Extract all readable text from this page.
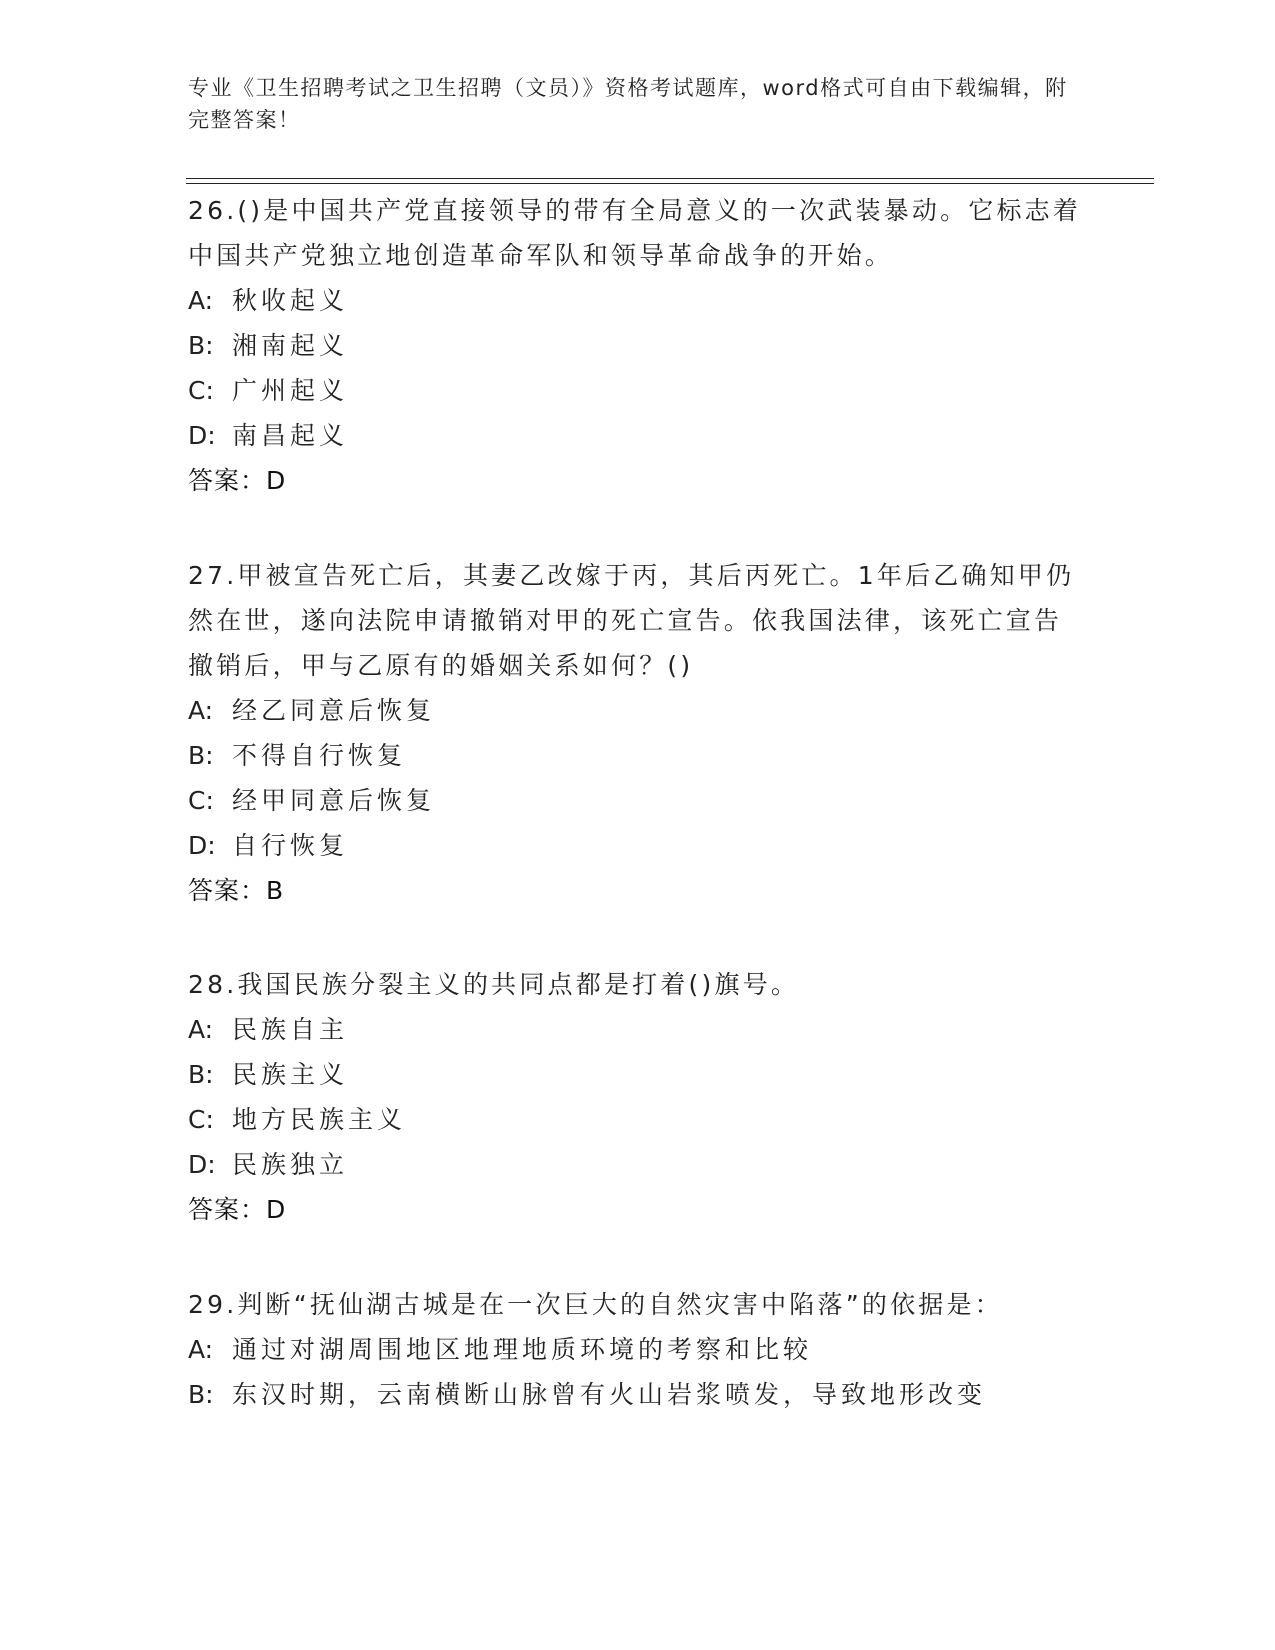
专业《卫生招聘考试之卫生招聘（文员）》资格考试题库，word格式可自由下载编辑，附完整答案！

26.()是中国共产党直接领导的带有全局意义的一次武装暴动。它标志着中国共产党独立地创造革命军队和领导革命战争的开始。

A: 秋收起义
B: 湘南起义
C: 广州起义
D: 南昌起义
答案：D

27.甲被宣告死亡后，其妻乙改嫁于丙，其后丙死亡。1年后乙确知甲仍然在世，遂向法院申请撤销对甲的死亡宣告。依我国法律，该死亡宣告撤销后，甲与乙原有的婚姻关系如何？()

A: 经乙同意后恢复
B: 不得自行恢复
C: 经甲同意后恢复
D: 自行恢复
答案：B

28.我国民族分裂主义的共同点都是打着()旗号。

A: 民族自主
B: 民族主义
C: 地方民族主义
D: 民族独立
答案：D

29.判断“抚仙湖古城是在一次巨大的自然灾害中陷落”的依据是：

A: 通过对湖周围地区地理地质环境的考察和比较
B: 东汉时期，云南横断山脉曾有火山岩浆喷发，导致地形改变
